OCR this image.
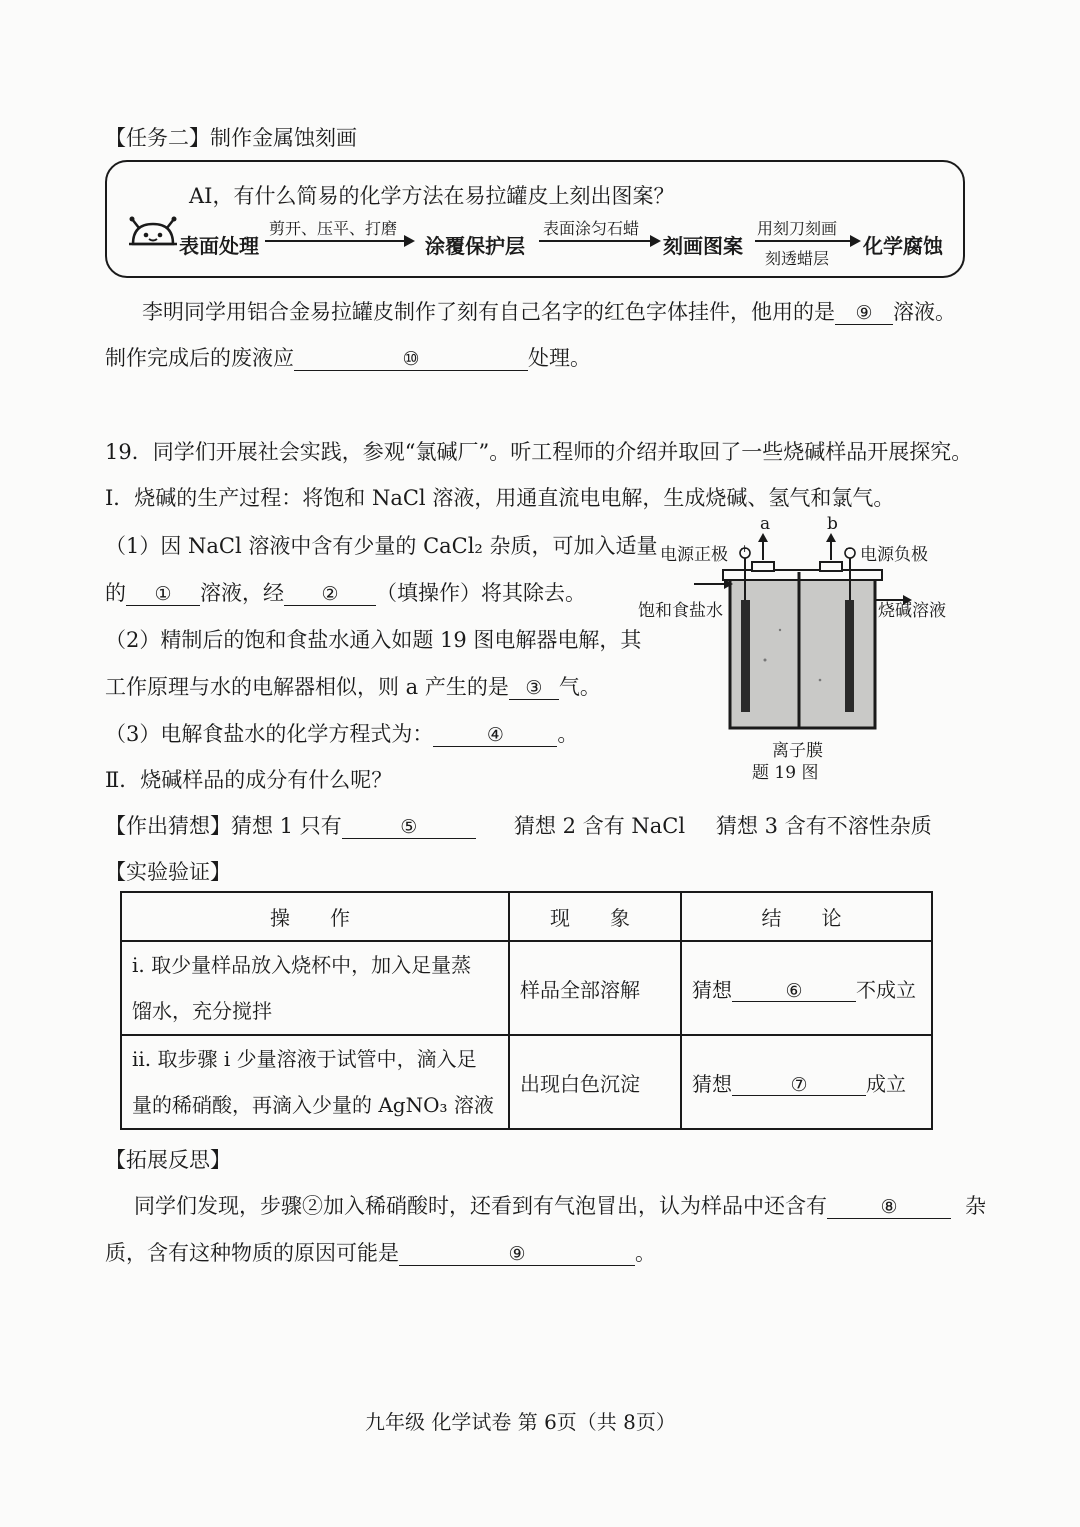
【任务二】制作金属蚀刻画
AI，有什么简易的化学方法在易拉罐皮上刻出图案？
表面处理
剪开、压平、打磨
涂覆保护层
表面涂匀石蜡
刻画图案
用刻刀刻画
刻透蜡层
化学腐蚀
李明同学用铝合金易拉罐皮制作了刻有自己名字的红色字体挂件，他用的是 ⑨ 溶液。
制作完成后的废液应	⑩	处理。
19．同学们开展社会实践，参观“氯碱厂”。听工程师的介绍并取回了一些烧碱样品开展探究。
Ⅰ．烧碱的生产过程：将饱和 NaCl 溶液，用通直流电电解，生成烧碱、氢气和氯气。
（1）因 NaCl 溶液中含有少量的 CaCl₂ 杂质，可加入适量
的 ① 溶液，经 ② （填操作）将其除去。
（2）精制后的饱和食盐水通入如题 19 图电解器电解，其
工作原理与水的电解器相似，则 a 产生的是 ③ 气。
（3）电解食盐水的化学方程式为：	④	。
Ⅱ．烧碱样品的成分有什么呢？
+	−
a	b
电源正极	电源负极
饱和食盐水	烧碱溶液
离子膜
题 19 图
【作出猜想】猜想 1 只有	⑤	猜想 2 含有 NaCl 猜想 3 含有不溶性杂质
【实验验证】
操　作	现　象	结　论

i. 取少量样品放入烧杯中，加入足量蒸
馏水，充分搅拌	样品全部溶解	猜想 ⑥ 不成立

ii. 取步骤 i 少量溶液于试管中，滴入足
量的稀硝酸，再滴入少量的 AgNO₃ 溶液	出现白色沉淀	猜想 ⑦ 成立
【拓展反思】
同学们发现，步骤②加入稀硝酸时，还看到有气泡冒出，认为样品中还含有	⑧	杂
质，含有这种物质的原因可能是	⑨	。
九年级 化学试卷 第 6页（共 8页）
